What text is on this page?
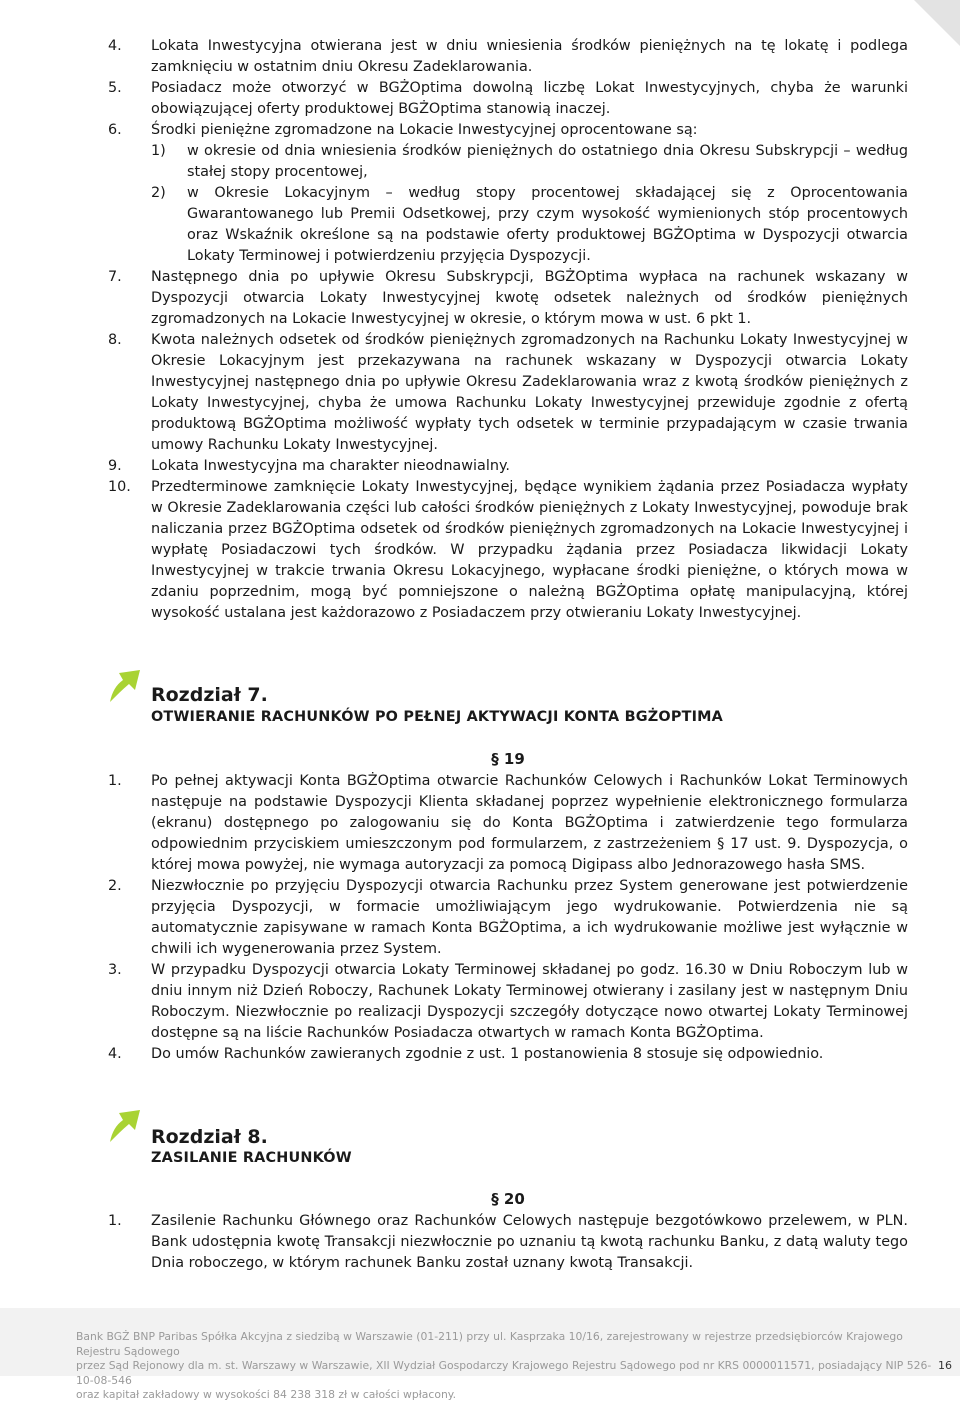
4. Lokata Inwestycyjna otwierana jest w dniu wniesienia środków pieniężnych na tę lokatę i podlega zamknięciu w ostatnim dniu Okresu Zadeklarowania.
5. Posiadacz może otworzyć w BGŻOptima dowolną liczbę Lokat Inwestycyjnych, chyba że warunki obowiązującej oferty produktowej BGŻOptima stanowią inaczej.
6. Środki pieniężne zgromadzone na Lokacie Inwestycyjnej oprocentowane są:
1) w okresie od dnia wniesienia środków pieniężnych do ostatniego dnia Okresu Subskrypcji – według stałej stopy procentowej,
2) w Okresie Lokacyjnym – według stopy procentowej składającej się z Oprocentowania Gwarantowanego lub Premii Odsetkowej, przy czym wysokość wymienionych stóp procentowych oraz Wskaźnik określone są na podstawie oferty produktowej BGŻOptima w Dyspozycji otwarcia Lokaty Terminowej i potwierdzeniu przyjęcia Dyspozycji.
7. Następnego dnia po upływie Okresu Subskrypcji, BGŻOptima wypłaca na rachunek wskazany w Dyspozycji otwarcia Lokaty Inwestycyjnej kwotę odsetek należnych od środków pieniężnych zgromadzonych na Lokacie Inwestycyjnej w okresie, o którym mowa w ust. 6 pkt 1.
8. Kwota należnych odsetek od środków pieniężnych zgromadzonych na Rachunku Lokaty Inwestycyjnej w Okresie Lokacyjnym jest przekazywana na rachunek wskazany w Dyspozycji otwarcia Lokaty Inwestycyjnej następnego dnia po upływie Okresu Zadeklarowania wraz z kwotą środków pieniężnych z Lokaty Inwestycyjnej, chyba że umowa Rachunku Lokaty Inwestycyjnej przewiduje zgodnie z ofertą produktową BGŻOptima możliwość wypłaty tych odsetek w terminie przypadającym w czasie trwania umowy Rachunku Lokaty Inwestycyjnej.
9. Lokata Inwestycyjna ma charakter nieodnawialny.
10. Przedterminowe zamknięcie Lokaty Inwestycyjnej, będące wynikiem żądania przez Posiadacza wypłaty w Okresie Zadeklarowania części lub całości środków pieniężnych z Lokaty Inwestycyjnej, powoduje brak naliczania przez BGŻOptima odsetek od środków pieniężnych zgromadzonych na Lokacie Inwestycyjnej i wypłatę Posiadaczowi tych środków. W przypadku żądania przez Posiadacza likwidacji Lokaty Inwestycyjnej w trakcie trwania Okresu Lokacyjnego, wypłacane środki pieniężne, o których mowa w zdaniu poprzednim, mogą być pomniejszone o należną BGŻOptima opłatę manipulacyjną, której wysokość ustalana jest każdorazowo z Posiadaczem przy otwieraniu Lokaty Inwestycyjnej.
Rozdział 7.
OTWIERANIE RACHUNKÓW PO PEŁNEJ AKTYWACJI KONTA BGŻOPTIMA
§ 19
1. Po pełnej aktywacji Konta BGŻOptima otwarcie Rachunków Celowych i Rachunków Lokat Terminowych następuje na podstawie Dyspozycji Klienta składanej poprzez wypełnienie elektronicznego formularza (ekranu) dostępnego po zalogowaniu się do Konta BGŻOptima i zatwierdzenie tego formularza odpowiednim przyciskiem umieszczonym pod formularzem, z zastrzeżeniem § 17 ust. 9. Dyspozycja, o której mowa powyżej, nie wymaga autoryzacji za pomocą Digipass albo Jednorazowego hasła SMS.
2. Niezwłocznie po przyjęciu Dyspozycji otwarcia Rachunku przez System generowane jest potwierdzenie przyjęcia Dyspozycji, w formacie umożliwiającym jego wydrukowanie. Potwierdzenia nie są automatycznie zapisywane w ramach Konta BGŻOptima, a ich wydrukowanie możliwe jest wyłącznie w chwili ich wygenerowania przez System.
3. W przypadku Dyspozycji otwarcia Lokaty Terminowej składanej po godz. 16.30 w Dniu Roboczym lub w dniu innym niż Dzień Roboczy, Rachunek Lokaty Terminowej otwierany i zasilany jest w następnym Dniu Roboczym. Niezwłocznie po realizacji Dyspozycji szczegóły dotyczące nowo otwartej Lokaty Terminowej dostępne są na liście Rachunków Posiadacza otwartych w ramach Konta BGŻOptima.
4. Do umów Rachunków zawieranych zgodnie z ust. 1 postanowienia 8 stosuje się odpowiednio.
Rozdział 8.
ZASILANIE RACHUNKÓW
§ 20
1. Zasilenie Rachunku Głównego oraz Rachunków Celowych następuje bezgotówkowo przelewem, w PLN. Bank udostępnia kwotę Transakcji niezwłocznie po uznaniu tą kwotą rachunku Banku, z datą waluty tego Dnia roboczego, w którym rachunek Banku został uznany kwotą Transakcji.
Bank BGŻ BNP Paribas Spółka Akcyjna z siedzibą w Warszawie (01-211) przy ul. Kasprzaka 10/16, zarejestrowany w rejestrze przedsiębiorców Krajowego Rejestru Sądowego
przez Sąd Rejonowy dla m. st. Warszawy w Warszawie, XII Wydział Gospodarczy Krajowego Rejestru Sądowego pod nr KRS 0000011571, posiadający NIP 526-10-08-546
oraz kapitał zakładowy w wysokości 84 238 318 zł w całości wpłacony.
16
